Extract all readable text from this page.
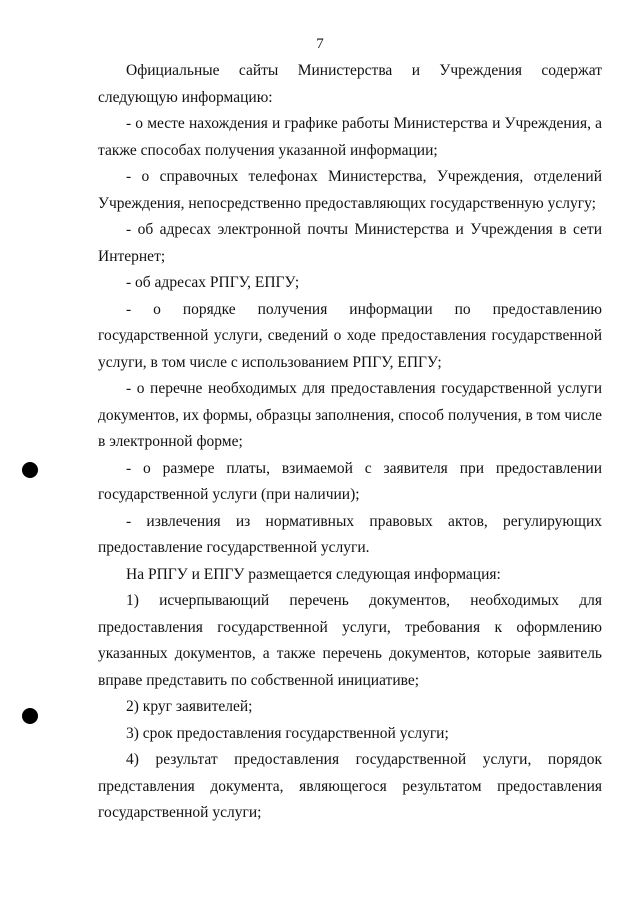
7

Официальные сайты Министерства и Учреждения содержат следующую информацию:

- о месте нахождения и графике работы Министерства и Учреждения, а также способах получения указанной информации;

- о справочных телефонах Министерства, Учреждения, отделений Учреждения, непосредственно предоставляющих государственную услугу;

- об адресах электронной почты Министерства и Учреждения в сети Интернет;

- об адресах РПГУ, ЕПГУ;

- о порядке получения информации по предоставлению государственной услуги, сведений о ходе предоставления государственной услуги, в том числе с использованием РПГУ, ЕПГУ;

- о перечне необходимых для предоставления государственной услуги документов, их формы, образцы заполнения, способ получения, в том числе в электронной форме;

- о размере платы, взимаемой с заявителя при предоставлении государственной услуги (при наличии);

- извлечения из нормативных правовых актов, регулирующих предоставление государственной услуги.

На РПГУ и ЕПГУ размещается следующая информация:

1) исчерпывающий перечень документов, необходимых для предоставления государственной услуги, требования к оформлению указанных документов, а также перечень документов, которые заявитель вправе представить по собственной инициативе;

2) круг заявителей;

3) срок предоставления государственной услуги;

4) результат предоставления государственной услуги, порядок представления документа, являющегося результатом предоставления государственной услуги;
